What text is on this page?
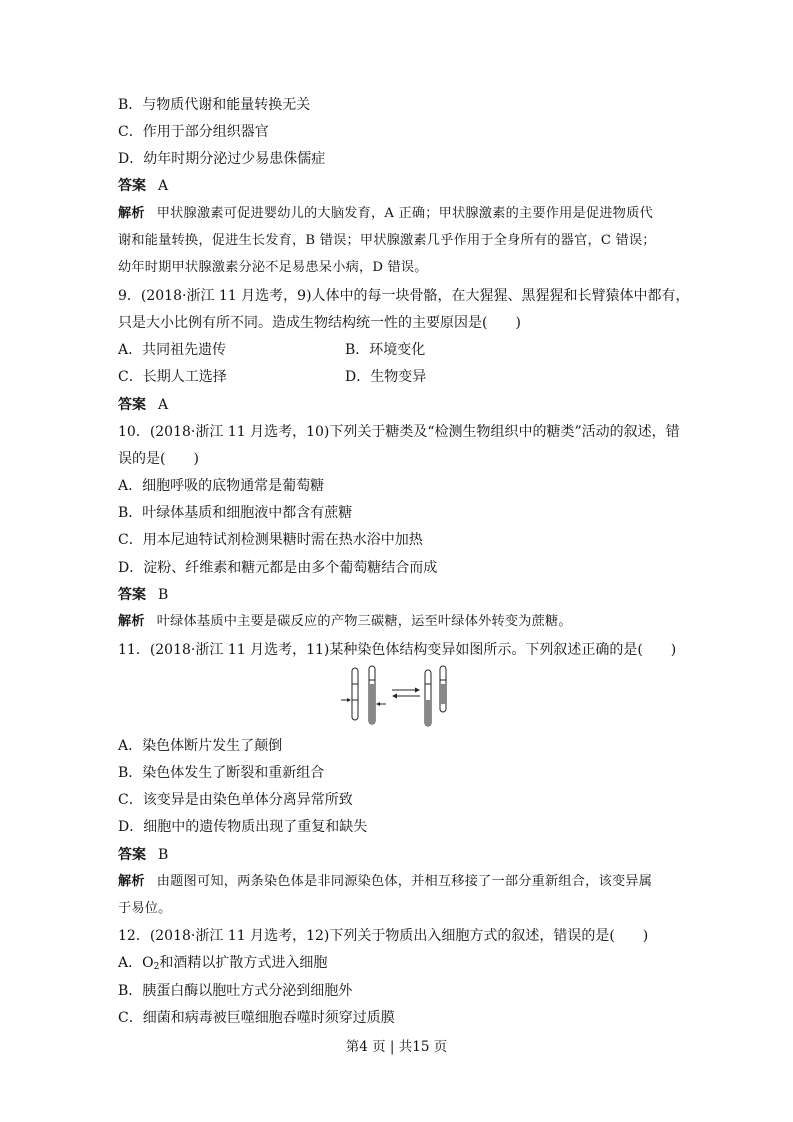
B．与物质代谢和能量转换无关
C．作用于部分组织器官
D．幼年时期分泌过少易患侏儒症
答案 A
解析 甲状腺激素可促进婴幼儿的大脑发育，A 正确；甲状腺激素的主要作用是促进物质代
谢和能量转换，促进生长发育，B 错误；甲状腺激素几乎作用于全身所有的器官，C 错误；
幼年时期甲状腺激素分泌不足易患呆小病，D 错误。
9．(2018·浙江 11 月选考，9)人体中的每一块骨骼，在大猩猩、黑猩猩和长臂猿体中都有，
只是大小比例有所不同。造成生物结构统一性的主要原因是(　　)
A．共同祖先遗传	B．环境变化
C．长期人工选择	D．生物变异
答案 A
10．(2018·浙江 11 月选考，10)下列关于糖类及“检测生物组织中的糖类”活动的叙述，错
误的是(　　)
A．细胞呼吸的底物通常是葡萄糖
B．叶绿体基质和细胞液中都含有蔗糖
C．用本尼迪特试剂检测果糖时需在热水浴中加热
D．淀粉、纤维素和糖元都是由多个葡萄糖结合而成
答案 B
解析 叶绿体基质中主要是碳反应的产物三碳糖，运至叶绿体外转变为蔗糖。
11．(2018·浙江 11 月选考，11)某种染色体结构变异如图所示。下列叙述正确的是(　　)
A．染色体断片发生了颠倒
B．染色体发生了断裂和重新组合
C．该变异是由染色单体分离异常所致
D．细胞中的遗传物质出现了重复和缺失
答案 B
解析 由题图可知，两条染色体是非同源染色体，并相互移接了一部分重新组合，该变异属
于易位。
12．(2018·浙江 11 月选考，12)下列关于物质出入细胞方式的叙述，错误的是(　　)
A．$O_2$和酒精以扩散方式进入细胞
B．胰蛋白酶以胞吐方式分泌到细胞外
C．细菌和病毒被巨噬细胞吞噬时须穿过质膜
第4 页 | 共15 页
